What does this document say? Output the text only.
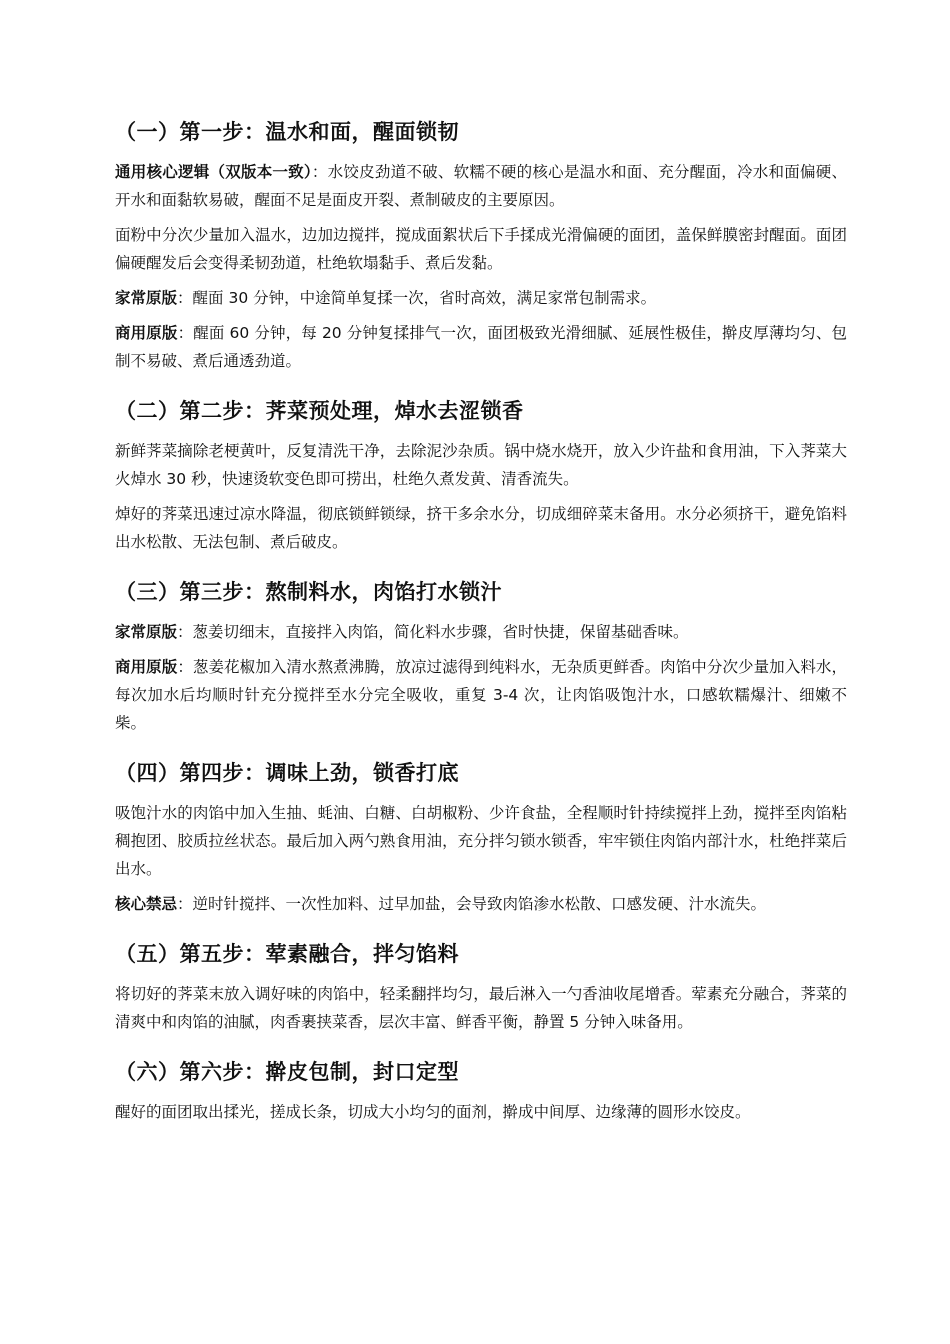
（一）第一步：温水和面，醒面锁韧

通用核心逻辑（双版本一致）：水饺皮劲道不破、软糯不硬的核心是温水和面、充分醒面，冷水和面偏硬、开水和面黏软易破，醒面不足是面皮开裂、煮制破皮的主要原因。

面粉中分次少量加入温水，边加边搅拌，搅成面絮状后下手揉成光滑偏硬的面团，盖保鲜膜密封醒面。面团偏硬醒发后会变得柔韧劲道，杜绝软塌黏手、煮后发黏。

家常原版：醒面 30 分钟，中途简单复揉一次，省时高效，满足家常包制需求。

商用原版：醒面 60 分钟，每 20 分钟复揉排气一次，面团极致光滑细腻、延展性极佳，擀皮厚薄均匀、包制不易破、煮后通透劲道。

（二）第二步：荠菜预处理，焯水去涩锁香

新鲜荠菜摘除老梗黄叶，反复清洗干净，去除泥沙杂质。锅中烧水烧开，放入少许盐和食用油，下入荠菜大火焯水 30 秒，快速烫软变色即可捞出，杜绝久煮发黄、清香流失。

焯好的荠菜迅速过凉水降温，彻底锁鲜锁绿，挤干多余水分，切成细碎菜末备用。水分必须挤干，避免馅料出水松散、无法包制、煮后破皮。

（三）第三步：熬制料水，肉馅打水锁汁

家常原版：葱姜切细末，直接拌入肉馅，简化料水步骤，省时快捷，保留基础香味。

商用原版：葱姜花椒加入清水熬煮沸腾，放凉过滤得到纯料水，无杂质更鲜香。肉馅中分次少量加入料水，每次加水后均顺时针充分搅拌至水分完全吸收，重复 3-4 次，让肉馅吸饱汁水，口感软糯爆汁、细嫩不柴。

（四）第四步：调味上劲，锁香打底

吸饱汁水的肉馅中加入生抽、蚝油、白糖、白胡椒粉、少许食盐，全程顺时针持续搅拌上劲，搅拌至肉馅粘稠抱团、胶质拉丝状态。最后加入两勺熟食用油，充分拌匀锁水锁香，牢牢锁住肉馅内部汁水，杜绝拌菜后出水。

核心禁忌：逆时针搅拌、一次性加料、过早加盐，会导致肉馅渗水松散、口感发硬、汁水流失。

（五）第五步：荤素融合，拌匀馅料

将切好的荠菜末放入调好味的肉馅中，轻柔翻拌均匀，最后淋入一勺香油收尾增香。荤素充分融合，荠菜的清爽中和肉馅的油腻，肉香裹挟菜香，层次丰富、鲜香平衡，静置 5 分钟入味备用。

（六）第六步：擀皮包制，封口定型

醒好的面团取出揉光，搓成长条，切成大小均匀的面剂，擀成中间厚、边缘薄的圆形水饺皮。
